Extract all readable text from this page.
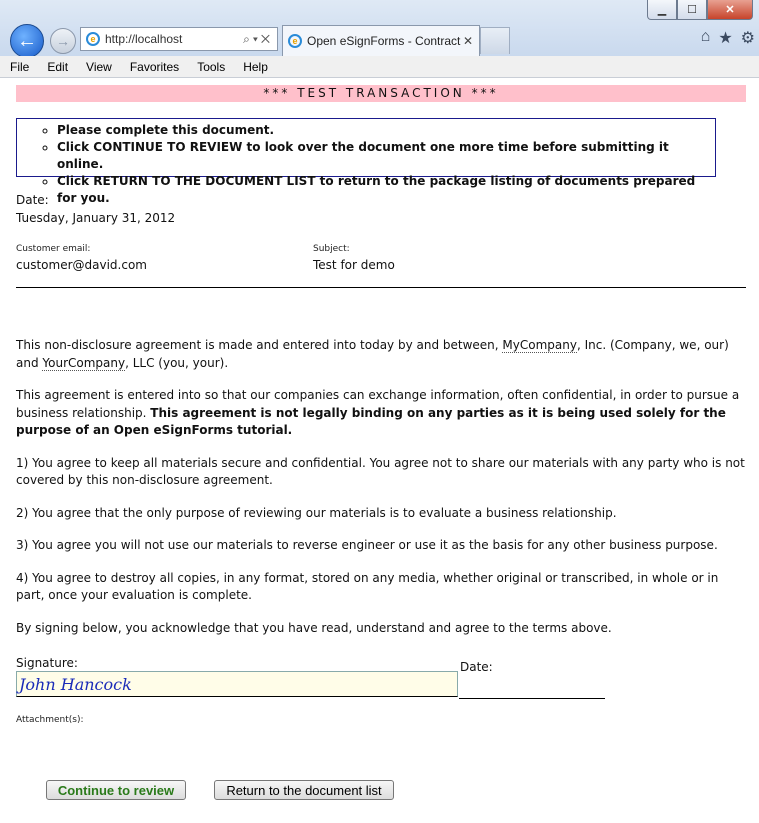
▁	☐	✕
← →	e http://localhost	⌕▾✕	e Open eSignForms - Contract ✕	⌂ ★ ⚙
File	Edit	View	Favorites	Tools	Help
*** TEST TRANSACTION ***
◦ Please complete this document.
◦ Click CONTINUE TO REVIEW to look over the document one more time before submitting it online.
◦ Click RETURN TO THE DOCUMENT LIST to return to the package listing of documents prepared for you.
Date:
Tuesday, January 31, 2012
Customer email:
customer@david.com
Subject:
Test for demo

This non-disclosure agreement is made and entered into today by and between, MyCompany, Inc. (Company, we, our) and YourCompany, LLC (you, your).

This agreement is entered into so that our companies can exchange information, often confidential, in order to pursue a business relationship. This agreement is not legally binding on any parties as it is being used solely for the purpose of an Open eSignForms tutorial.

1) You agree to keep all materials secure and confidential. You agree not to share our materials with any party who is not covered by this non-disclosure agreement.

2) You agree that the only purpose of reviewing our materials is to evaluate a business relationship.

3) You agree you will not use our materials to reverse engineer or use it as the basis for any other business purpose.

4) You agree to destroy all copies, in any format, stored on any media, whether original or transcribed, in whole or in part, once your evaluation is complete.

By signing below, you acknowledge that you have read, understand and agree to the terms above.

Signature:
John Hancock
Date:
Attachment(s):
Continue to review	Return to the document list
